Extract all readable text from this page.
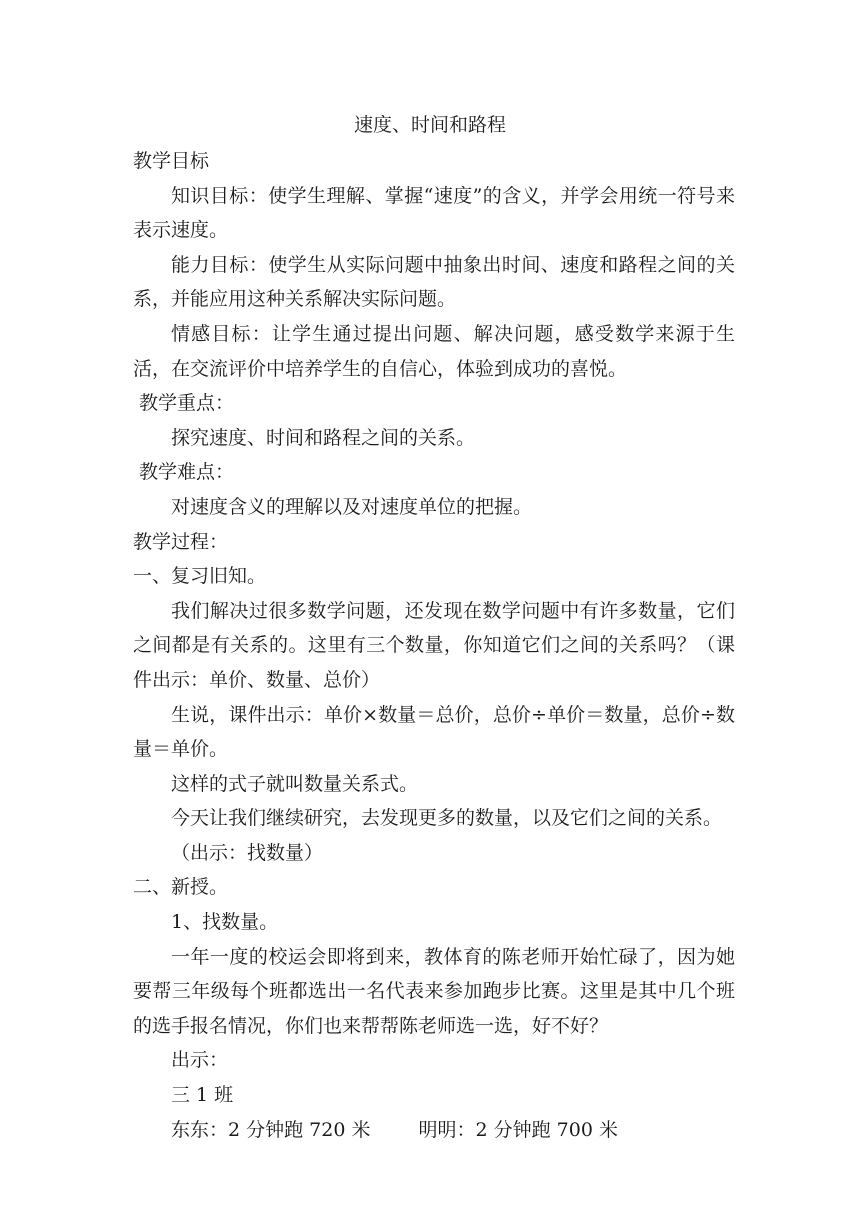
速度、时间和路程

教学目标

知识目标：使学生理解、掌握“速度”的含义，并学会用统一符号来表示速度。

能力目标：使学生从实际问题中抽象出时间、速度和路程之间的关系，并能应用这种关系解决实际问题。

情感目标：让学生通过提出问题、解决问题，感受数学来源于生活，在交流评价中培养学生的自信心，体验到成功的喜悦。

教学重点：

探究速度、时间和路程之间的关系。

教学难点：

对速度含义的理解以及对速度单位的把握。

教学过程：

一、复习旧知。

我们解决过很多数学问题，还发现在数学问题中有许多数量，它们之间都是有关系的。这里有三个数量，你知道它们之间的关系吗？（课件出示：单价、数量、总价）

生说，课件出示：单价×数量＝总价，总价÷单价＝数量，总价÷数量＝单价。

这样的式子就叫数量关系式。

今天让我们继续研究，去发现更多的数量，以及它们之间的关系。

（出示：找数量）

二、新授。

1、找数量。

一年一度的校运会即将到来，教体育的陈老师开始忙碌了，因为她要帮三年级每个班都选出一名代表来参加跑步比赛。这里是其中几个班的选手报名情况，你们也来帮帮陈老师选一选，好不好？

出示：

三 1 班

东东：2 分钟跑 720 米	明明：2 分钟跑 700 米
